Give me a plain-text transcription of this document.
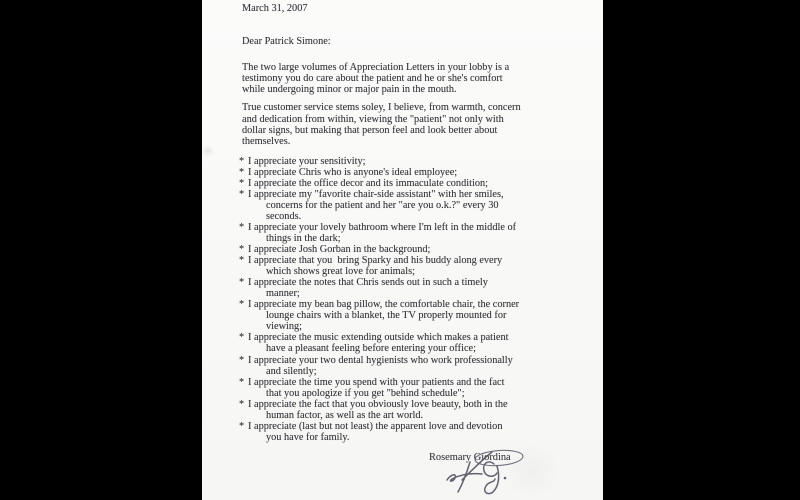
March 31, 2007
Dear Patrick Simone:
The two large volumes of Appreciation Letters in your lobby is a
testimony you do care about the patient and he or she's comfort
while undergoing minor or major pain in the mouth.
True customer service stems soley, I believe, from warmth, concern
and dedication from within, viewing the "patient" not only with
dollar signs, but making that person feel and look better about
themselves.
* I appreciate your sensitivity;
* I appreciate Chris who is anyone's ideal employee;
* I appreciate the office decor and its immaculate condition;
* I appreciate my "favorite chair-side assistant" with her smiles,
concerns for the patient and her "are you o.k.?" every 30
seconds.
* I appreciate your lovely bathroom where I'm left in the middle of
things in the dark;
* I appreciate Josh Gorban in the background;
* I appreciate that you  bring Sparky and his buddy along every
which shows great love for animals;
* I appreciate the notes that Chris sends out in such a timely
manner;
* I appreciate my bean bag pillow, the comfortable chair, the corner
lounge chairs with a blanket, the TV properly mounted for
viewing;
* I appreciate the music extending outside which makes a patient
have a pleasant feeling before entering your office;
* I appreciate your two dental hygienists who work professionally
and silently;
* I appreciate the time you spend with your patients and the fact
that you apologize if you get "behind schedule";
* I appreciate the fact that you obviously love beauty, both in the
human factor, as well as the art world.
* I appreciate (last but not least) the apparent love and devotion
you have for family.
Rosemary Giordina
